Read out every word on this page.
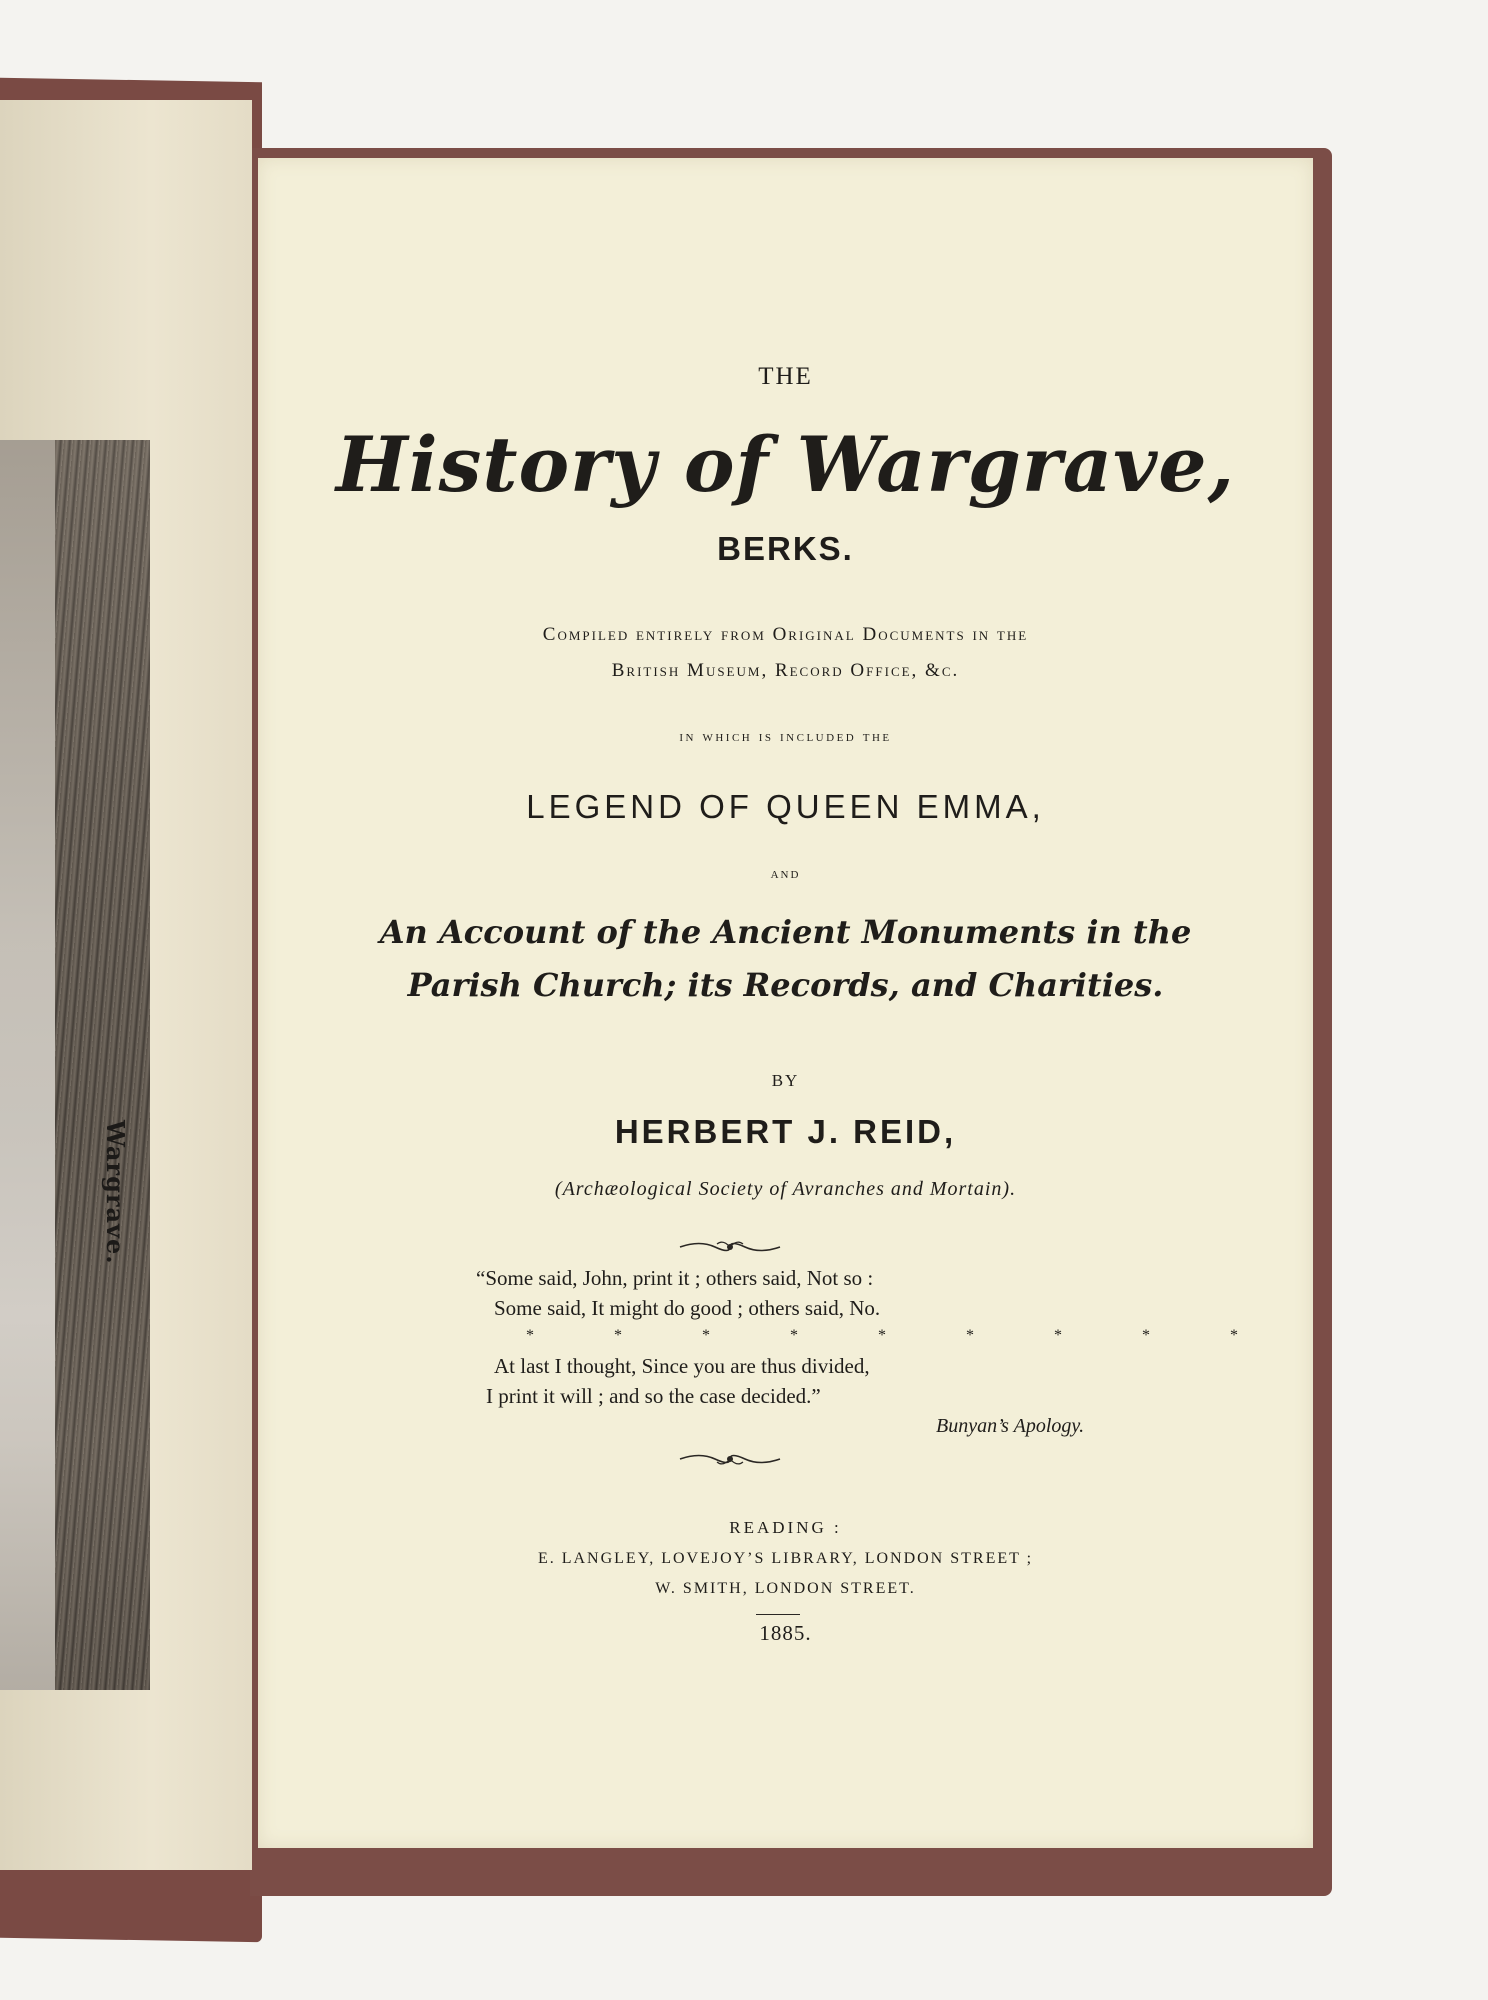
Wargrave.
THE
History of Wargrave,
BERKS.
Compiled entirely from Original Documents in the
British Museum, Record Office, &c.
in which is included the
LEGEND OF QUEEN EMMA,
and
An Account of the Ancient Monuments in the
Parish Church; its Records, and Charities.
BY
HERBERT J. REID,
(Archæological Society of Avranches and Mortain).
“Some said, John, print it ; others said, Not so :
Some said, It might do good ; others said, No.
* * * * * * * * *
At last I thought, Since you are thus divided,
I print it will ; and so the case decided.”
Bunyan’s Apology.
READING :
E. LANGLEY, LOVEJOY’S LIBRARY, LONDON STREET ;
W. SMITH, LONDON STREET.
1885.
